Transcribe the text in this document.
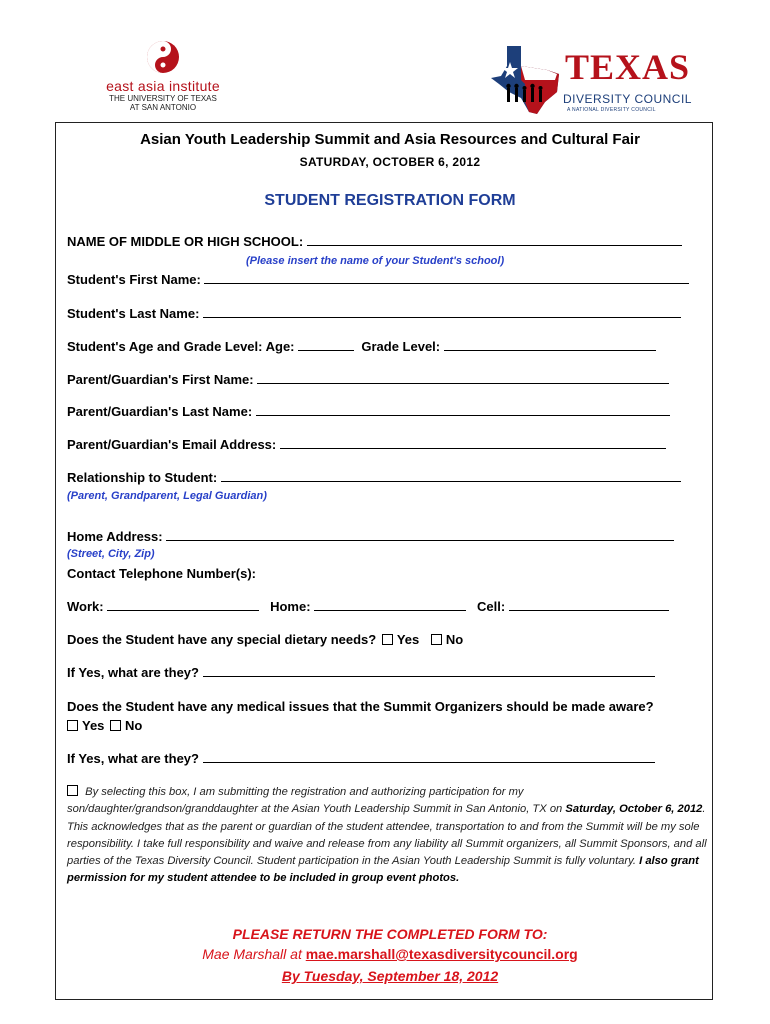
east asia institute
THE UNIVERSITY OF TEXAS
AT SAN ANTONIO
TEXAS
DIVERSITY COUNCIL
A NATIONAL DIVERSITY COUNCIL
Asian Youth Leadership Summit and Asia Resources and Cultural Fair
SATURDAY, OCTOBER 6, 2012
STUDENT REGISTRATION FORM
NAME OF MIDDLE OR HIGH SCHOOL:
(Please insert the name of your Student's school)
Student's First Name:
Student's Last Name:
Student's Age and Grade Level: Age:	Grade Level:
Parent/Guardian's First Name:
Parent/Guardian's Last Name:
Parent/Guardian's Email Address:
Relationship to Student:
(Parent, Grandparent, Legal Guardian)
Home Address:
(Street, City, Zip)
Contact Telephone Number(s):
Work:	Home:	Cell:
Does the Student have any special dietary needs? Yes No
If Yes, what are they?
Does the Student have any medical issues that the Summit Organizers should be made aware?
Yes No
If Yes, what are they?
By selecting this box, I am submitting the registration and authorizing participation for my son/daughter/grandson/granddaughter at the Asian Youth Leadership Summit in San Antonio, TX on Saturday, October 6, 2012. This acknowledges that as the parent or guardian of the student attendee, transportation to and from the Summit will be my sole responsibility. I take full responsibility and waive and release from any liability all Summit organizers, all Summit Sponsors, and all parties of the Texas Diversity Council. Student participation in the Asian Youth Leadership Summit is fully voluntary. I also grant permission for my student attendee to be included in group event photos.
PLEASE RETURN THE COMPLETED FORM TO:
Mae Marshall at mae.marshall@texasdiversitycouncil.org
By Tuesday, September 18, 2012
